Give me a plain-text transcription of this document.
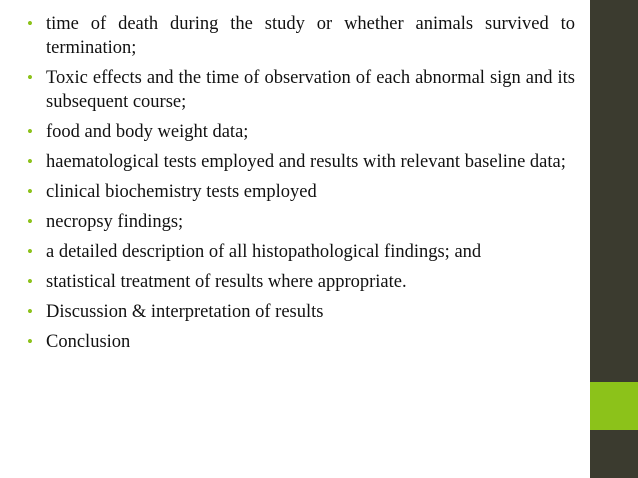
• time of death during the study or whether animals survived to termination;
• Toxic effects and the time of observation of each abnormal sign and its subsequent course;
• food and body weight data;
• haematological tests employed and results with relevant baseline data;
• clinical biochemistry tests employed
• necropsy findings;
• a detailed description of all histopathological findings; and
• statistical treatment of results where appropriate.
• Discussion & interpretation of results
• Conclusion
